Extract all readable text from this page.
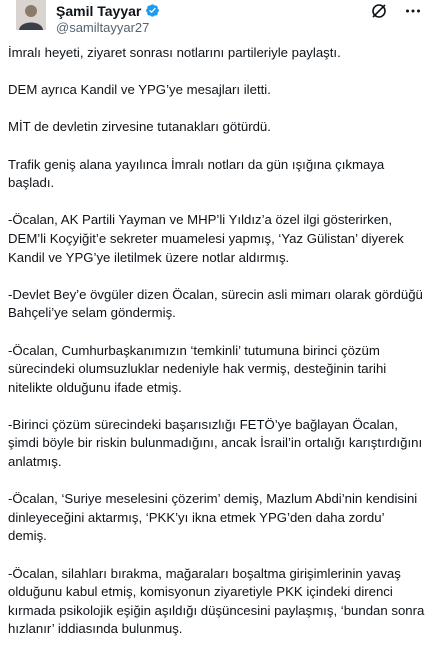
Şamil Tayyar
@samiltayyar27

İmralı heyeti, ziyaret sonrası notlarını partileriyle paylaştı.

DEM ayrıca Kandil ve YPG’ye mesajları iletti.

MİT de devletin zirvesine tutanakları götürdü.

Trafik geniş alana yayılınca İmralı notları da gün ışığına çıkmaya başladı.

-Öcalan, AK Partili Yayman ve MHP’li Yıldız’a özel ilgi gösterirken, DEM’li Koçyiğit’e sekreter muamelesi yapmış, ‘Yaz Gülistan’ diyerek Kandil ve YPG’ye iletilmek üzere notlar aldırmış.

-Devlet Bey’e övgüler dizen Öcalan, sürecin asli mimarı olarak gördüğü Bahçeli’ye selam göndermiş.

-Öcalan, Cumhurbaşkanımızın ‘temkinli’ tutumuna birinci çözüm sürecindeki olumsuzluklar nedeniyle hak vermiş, desteğinin tarihi nitelikte olduğunu ifade etmiş.

-Birinci çözüm sürecindeki başarısızlığı FETÖ’ye bağlayan Öcalan, şimdi böyle bir riskin bulunmadığını, ancak İsrail’in ortalığı karıştırdığını anlatmış.

-Öcalan, ‘Suriye meselesini çözerim’ demiş, Mazlum Abdi’nin kendisini dinleyeceğini aktarmış, ‘PKK’yı ikna etmek YPG’den daha zordu’ demiş.

-Öcalan, silahları bırakma, mağaraları boşaltma girişimlerinin yavaş olduğunu kabul etmiş, komisyonun ziyaretiyle PKK içindeki direnci kırmada psikolojik eşiğin aşıldığı düşüncesini paylaşmış, ‘bundan sonra hızlanır’ iddiasında bulunmuş.
